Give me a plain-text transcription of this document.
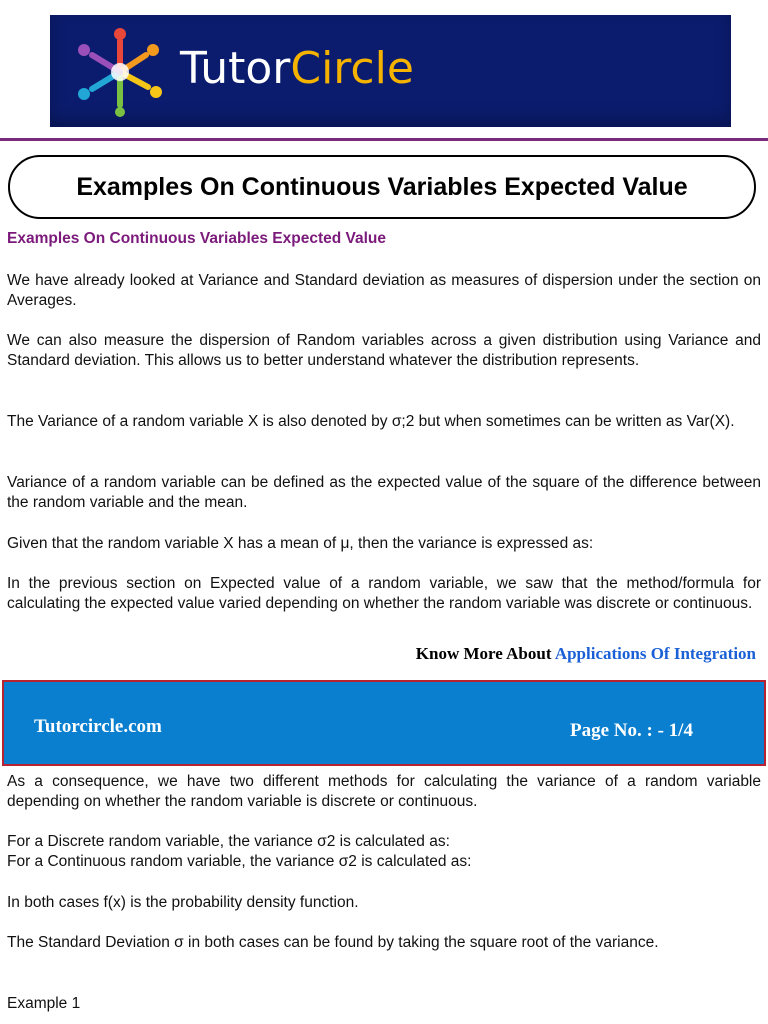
TutorCircle
Examples On Continuous Variables Expected Value
Examples On Continuous Variables Expected Value
We have already looked at Variance and Standard deviation as measures of dispersion under the section on Averages.
We can also measure the dispersion of Random variables across a given distribution using Variance and Standard deviation. This allows us to better understand whatever the distribution represents.
The Variance of a random variable X is also denoted by σ;2 but when sometimes can be written as Var(X).
Variance of a random variable can be defined as the expected value of the square of the difference between the random variable and the mean.
Given that the random variable X has a mean of μ, then the variance is expressed as:
In the previous section on Expected value of a random variable, we saw that the method/formula for calculating the expected value varied depending on whether the random variable was discrete or continuous.
Know More About Applications Of Integration
Tutorcircle.com	Page No. : - 1/4
As a consequence, we have two different methods for calculating the variance of a random variable depending on whether the random variable is discrete or continuous.
For a Discrete random variable, the variance σ2 is calculated as:
For a Continuous random variable, the variance σ2 is calculated as:
In both cases f(x) is the probability density function.
The Standard Deviation σ in both cases can be found by taking the square root of the variance.
Example 1
